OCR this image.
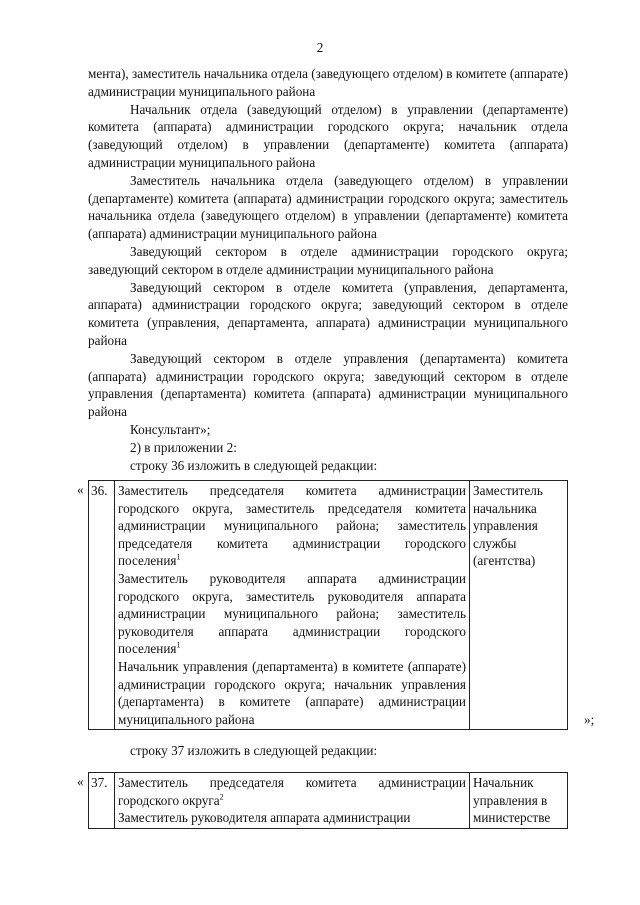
2

мента), заместитель начальника отдела (заведующего отделом) в комитете (аппарате) администрации муниципального района

Начальник отдела (заведующий отделом) в управлении (департаменте) комитета (аппарата) администрации городского округа; начальник отдела (заведующий отделом) в управлении (департаменте) комитета (аппарата) администрации муниципального района

Заместитель начальника отдела (заведующего отделом) в управлении (департаменте) комитета (аппарата) администрации городского округа; заместитель начальника отдела (заведующего отделом) в управлении (департаменте) комитета (аппарата) администрации муниципального района

Заведующий сектором в отделе администрации городского округа; заведующий сектором в отделе администрации муниципального района

Заведующий сектором в отделе комитета (управления, департамента, аппарата) администрации городского округа; заведующий сектором в отделе комитета (управления, департамента, аппарата) администрации муниципального района

Заведующий сектором в отделе управления (департамента) комитета (аппарата) администрации городского округа; заведующий сектором в отделе управления (департамента) комитета (аппарата) администрации муниципального района

Консультант»;

2) в приложении 2:

строку 36 изложить в следующей редакции:

« 36.	Заместитель председателя комитета администрации городского округа, заместитель председателя комитета администрации муниципального района; заместитель председателя комитета администрации городского поселения$^1$
Заместитель руководителя аппарата администрации городского округа, заместитель руководителя аппарата администрации муниципального района; заместитель руководителя аппарата администрации городского поселения$^1$
Начальник управления (департамента) в комитете (аппарате) администрации городского округа; начальник управления (департамента) в комитете (аппарате) администрации муниципального района
	Заместитель начальника управления службы (агентства)
»;

строку 37 изложить в следующей редакции:

« 37.	Заместитель председателя комитета администрации городского округа$^2$
Заместитель руководителя аппарата администрации
	Начальник управления в министерстве
